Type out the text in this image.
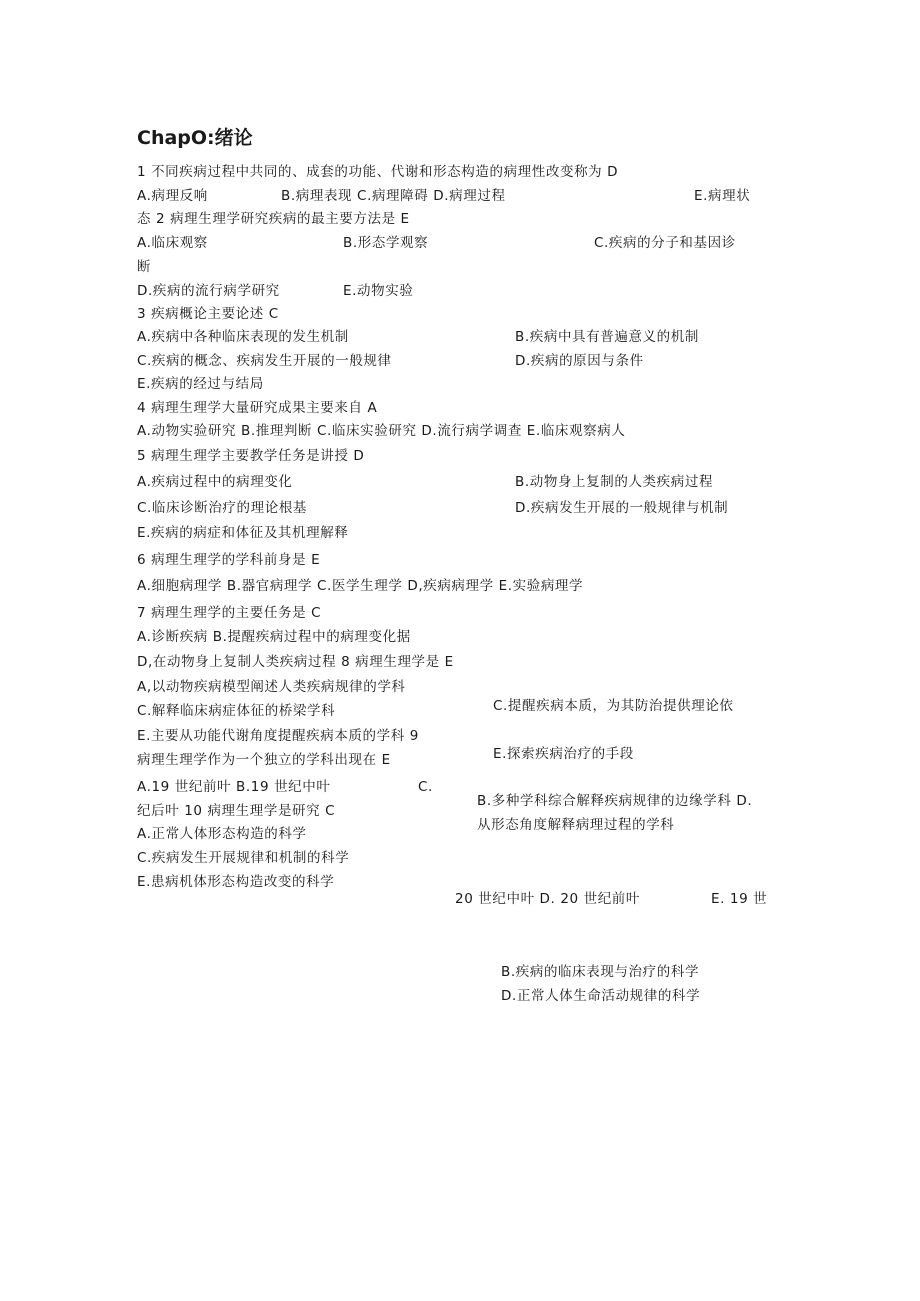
ChapO:绪论
1 不同疾病过程中共同的、成套的功能、代谢和形态构造的病理性改变称为 D
A.病理反响	B.病理表现 C.病理障碍 D.病理过程	E.病理状
态 2 病理生理学研究疾病的最主要方法是 E
A.临床观察	B.形态学观察	C.疾病的分子和基因诊
断
D.疾病的流行病学研究	E.动物实验
3 疾病概论主要论述 C
A.疾病中各种临床表现的发生机制	B.疾病中具有普遍意义的机制
C.疾病的概念、疾病发生开展的一般规律	D.疾病的原因与条件
E.疾病的经过与结局
4 病理生理学大量研究成果主要来自 A
A.动物实验研究 B.推理判断 C.临床实验研究 D.流行病学调查 E.临床观察病人
5 病理生理学主要教学任务是讲授 D
A.疾病过程中的病理变化	B.动物身上复制的人类疾病过程
C.临床诊断治疗的理论根基	D.疾病发生开展的一般规律与机制
E.疾病的病症和体征及其机理解释
6 病理生理学的学科前身是 E
A.细胞病理学 B.器官病理学 C.医学生理学 D,疾病病理学 E.实验病理学
7 病理生理学的主要任务是 C
A.诊断疾病 B.提醒疾病过程中的病理变化据
D,在动物身上复制人类疾病过程 8 病理生理学是 E
A,以动物疾病模型阐述人类疾病规律的学科
C.提醒疾病本质，为其防治提供理论依
C.解释临床病症体征的桥梁学科
E.主要从功能代谢角度提醒疾病本质的学科 9
E.探索疾病治疗的手段
病理生理学作为一个独立的学科出现在 E
A.19 世纪前叶 B.19 世纪中叶	C.
B.多种学科综合解释疾病规律的边缘学科 D.
纪后叶 10 病理生理学是研究 C
从形态角度解释病理过程的学科
A.正常人体形态构造的科学
C.疾病发生开展规律和机制的科学
E.患病机体形态构造改变的科学
20 世纪中叶 D. 20 世纪前叶	E. 19 世
B.疾病的临床表现与治疗的科学
D.正常人体生命活动规律的科学
